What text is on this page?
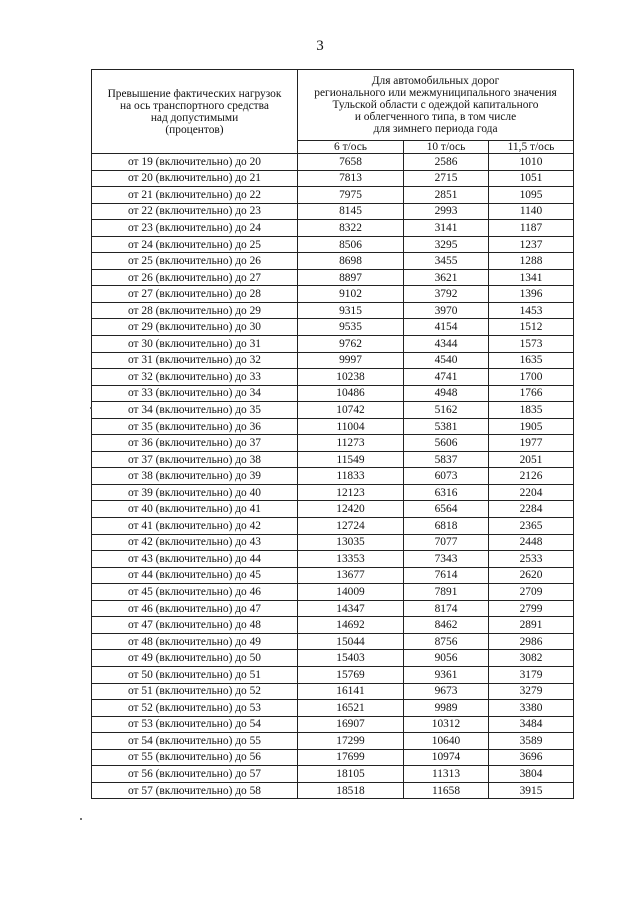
3
Превышение фактических нагрузок
на ось транспортного средства
над допустимыми
(процентов)	Для автомобильных дорог
регионального или межмуниципального значения
Тульской области с одеждой капитального
и облегченного типа, в том числе
для зимнего периода года		
	6 т/ось	10 т/ось	11,5 т/ось
от 19 (включительно) до 20	7658	2586	1010
от 20 (включительно) до 21	7813	2715	1051
от 21 (включительно) до 22	7975	2851	1095
от 22 (включительно) до 23	8145	2993	1140
от 23 (включительно) до 24	8322	3141	1187
от 24 (включительно) до 25	8506	3295	1237
от 25 (включительно) до 26	8698	3455	1288
от 26 (включительно) до 27	8897	3621	1341
от 27 (включительно) до 28	9102	3792	1396
от 28 (включительно) до 29	9315	3970	1453
от 29 (включительно) до 30	9535	4154	1512
от 30 (включительно) до 31	9762	4344	1573
от 31 (включительно) до 32	9997	4540	1635
от 32 (включительно) до 33	10238	4741	1700
от 33 (включительно) до 34	10486	4948	1766
от 34 (включительно) до 35	10742	5162	1835
от 35 (включительно) до 36	11004	5381	1905
от 36 (включительно) до 37	11273	5606	1977
от 37 (включительно) до 38	11549	5837	2051
от 38 (включительно) до 39	11833	6073	2126
от 39 (включительно) до 40	12123	6316	2204
от 40 (включительно) до 41	12420	6564	2284
от 41 (включительно) до 42	12724	6818	2365
от 42 (включительно) до 43	13035	7077	2448
от 43 (включительно) до 44	13353	7343	2533
от 44 (включительно) до 45	13677	7614	2620
от 45 (включительно) до 46	14009	7891	2709
от 46 (включительно) до 47	14347	8174	2799
от 47 (включительно) до 48	14692	8462	2891
от 48 (включительно) до 49	15044	8756	2986
от 49 (включительно) до 50	15403	9056	3082
от 50 (включительно) до 51	15769	9361	3179
от 51 (включительно) до 52	16141	9673	3279
от 52 (включительно) до 53	16521	9989	3380
от 53 (включительно) до 54	16907	10312	3484
от 54 (включительно) до 55	17299	10640	3589
от 55 (включительно) до 56	17699	10974	3696
от 56 (включительно) до 57	18105	11313	3804
от 57 (включительно) до 58	18518	11658	3915
